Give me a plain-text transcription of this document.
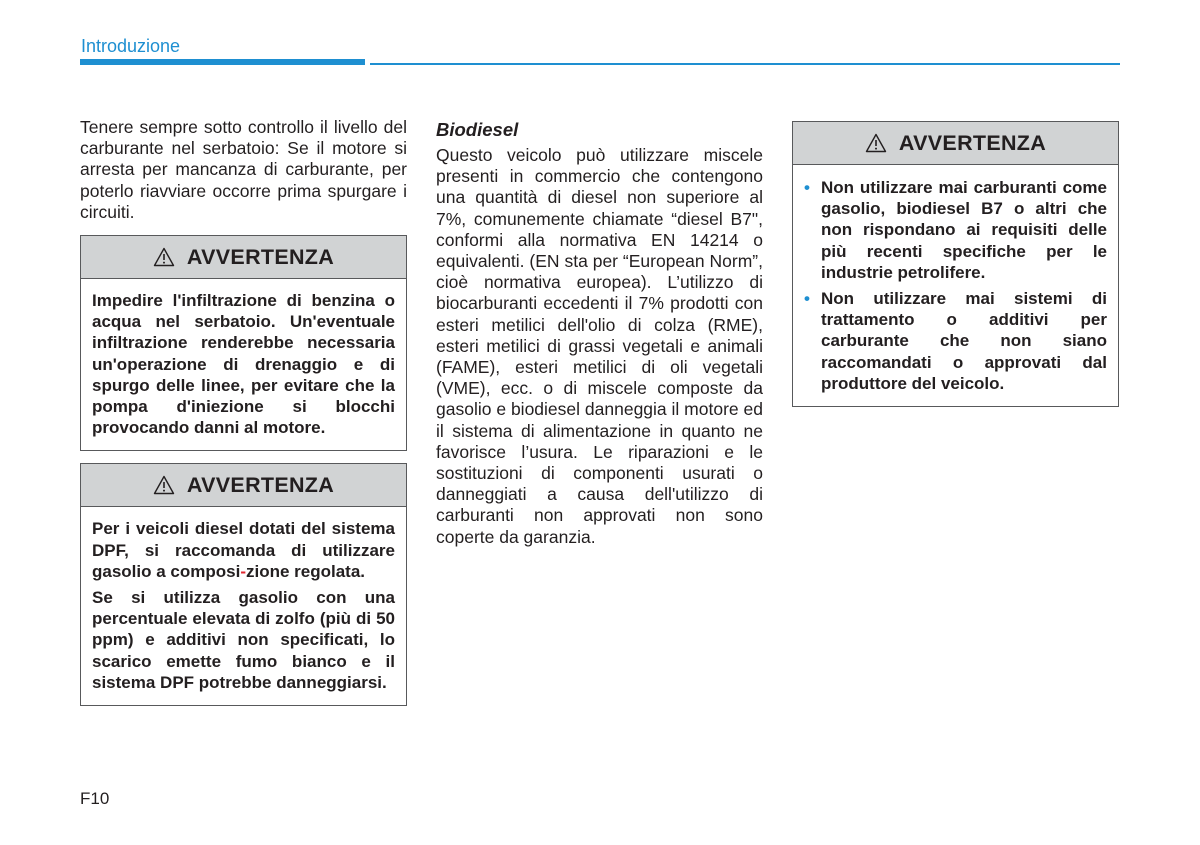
Introduzione

Tenere sempre sotto controllo il livello del carburante nel serbatoio: Se il motore si arresta per mancanza di carburante, per poterlo riavviare occorre prima spurgare i circuiti.

AVVERTENZA

Impedire l'infiltrazione di benzina o acqua nel serbatoio. Un'eventuale infiltrazione renderebbe necessaria un'operazione di drenaggio e di spurgo delle linee, per evitare che la pompa d'iniezione si blocchi provocando danni al motore.

AVVERTENZA

Per i veicoli diesel dotati del sistema DPF, si raccomanda di utilizzare gasolio a composi-zione regolata.

Se si utilizza gasolio con una percentuale elevata di zolfo (più di 50 ppm) e additivi non specificati, lo scarico emette fumo bianco e il sistema DPF potrebbe danneggiarsi.

Biodiesel

Questo veicolo può utilizzare miscele presenti in commercio che contengono una quantità di diesel non superiore al 7%, comunemente chiamate “diesel B7", conformi alla normativa EN 14214 o equivalenti. (EN sta per “European Norm”, cioè normativa europea). L’utilizzo di biocarburanti eccedenti il 7% prodotti con esteri metilici dell'olio di colza (RME), esteri metilici di grassi vegetali e animali (FAME), esteri metilici di oli vegetali (VME), ecc. o di miscele composte da gasolio e biodiesel danneggia il motore ed il sistema di alimentazione in quanto ne favorisce l’usura. Le riparazioni e le sostituzioni di componenti usurati o danneggiati a causa dell'utilizzo di carburanti non approvati non sono coperte da garanzia.

AVVERTENZA
• Non utilizzare mai carburanti come gasolio, biodiesel B7 o altri che non rispondano ai requisiti delle più recenti specifiche per le industrie petrolifere.
• Non utilizzare mai sistemi di trattamento o additivi per carburante che non siano raccomandati o approvati dal produttore del veicolo.
F10
